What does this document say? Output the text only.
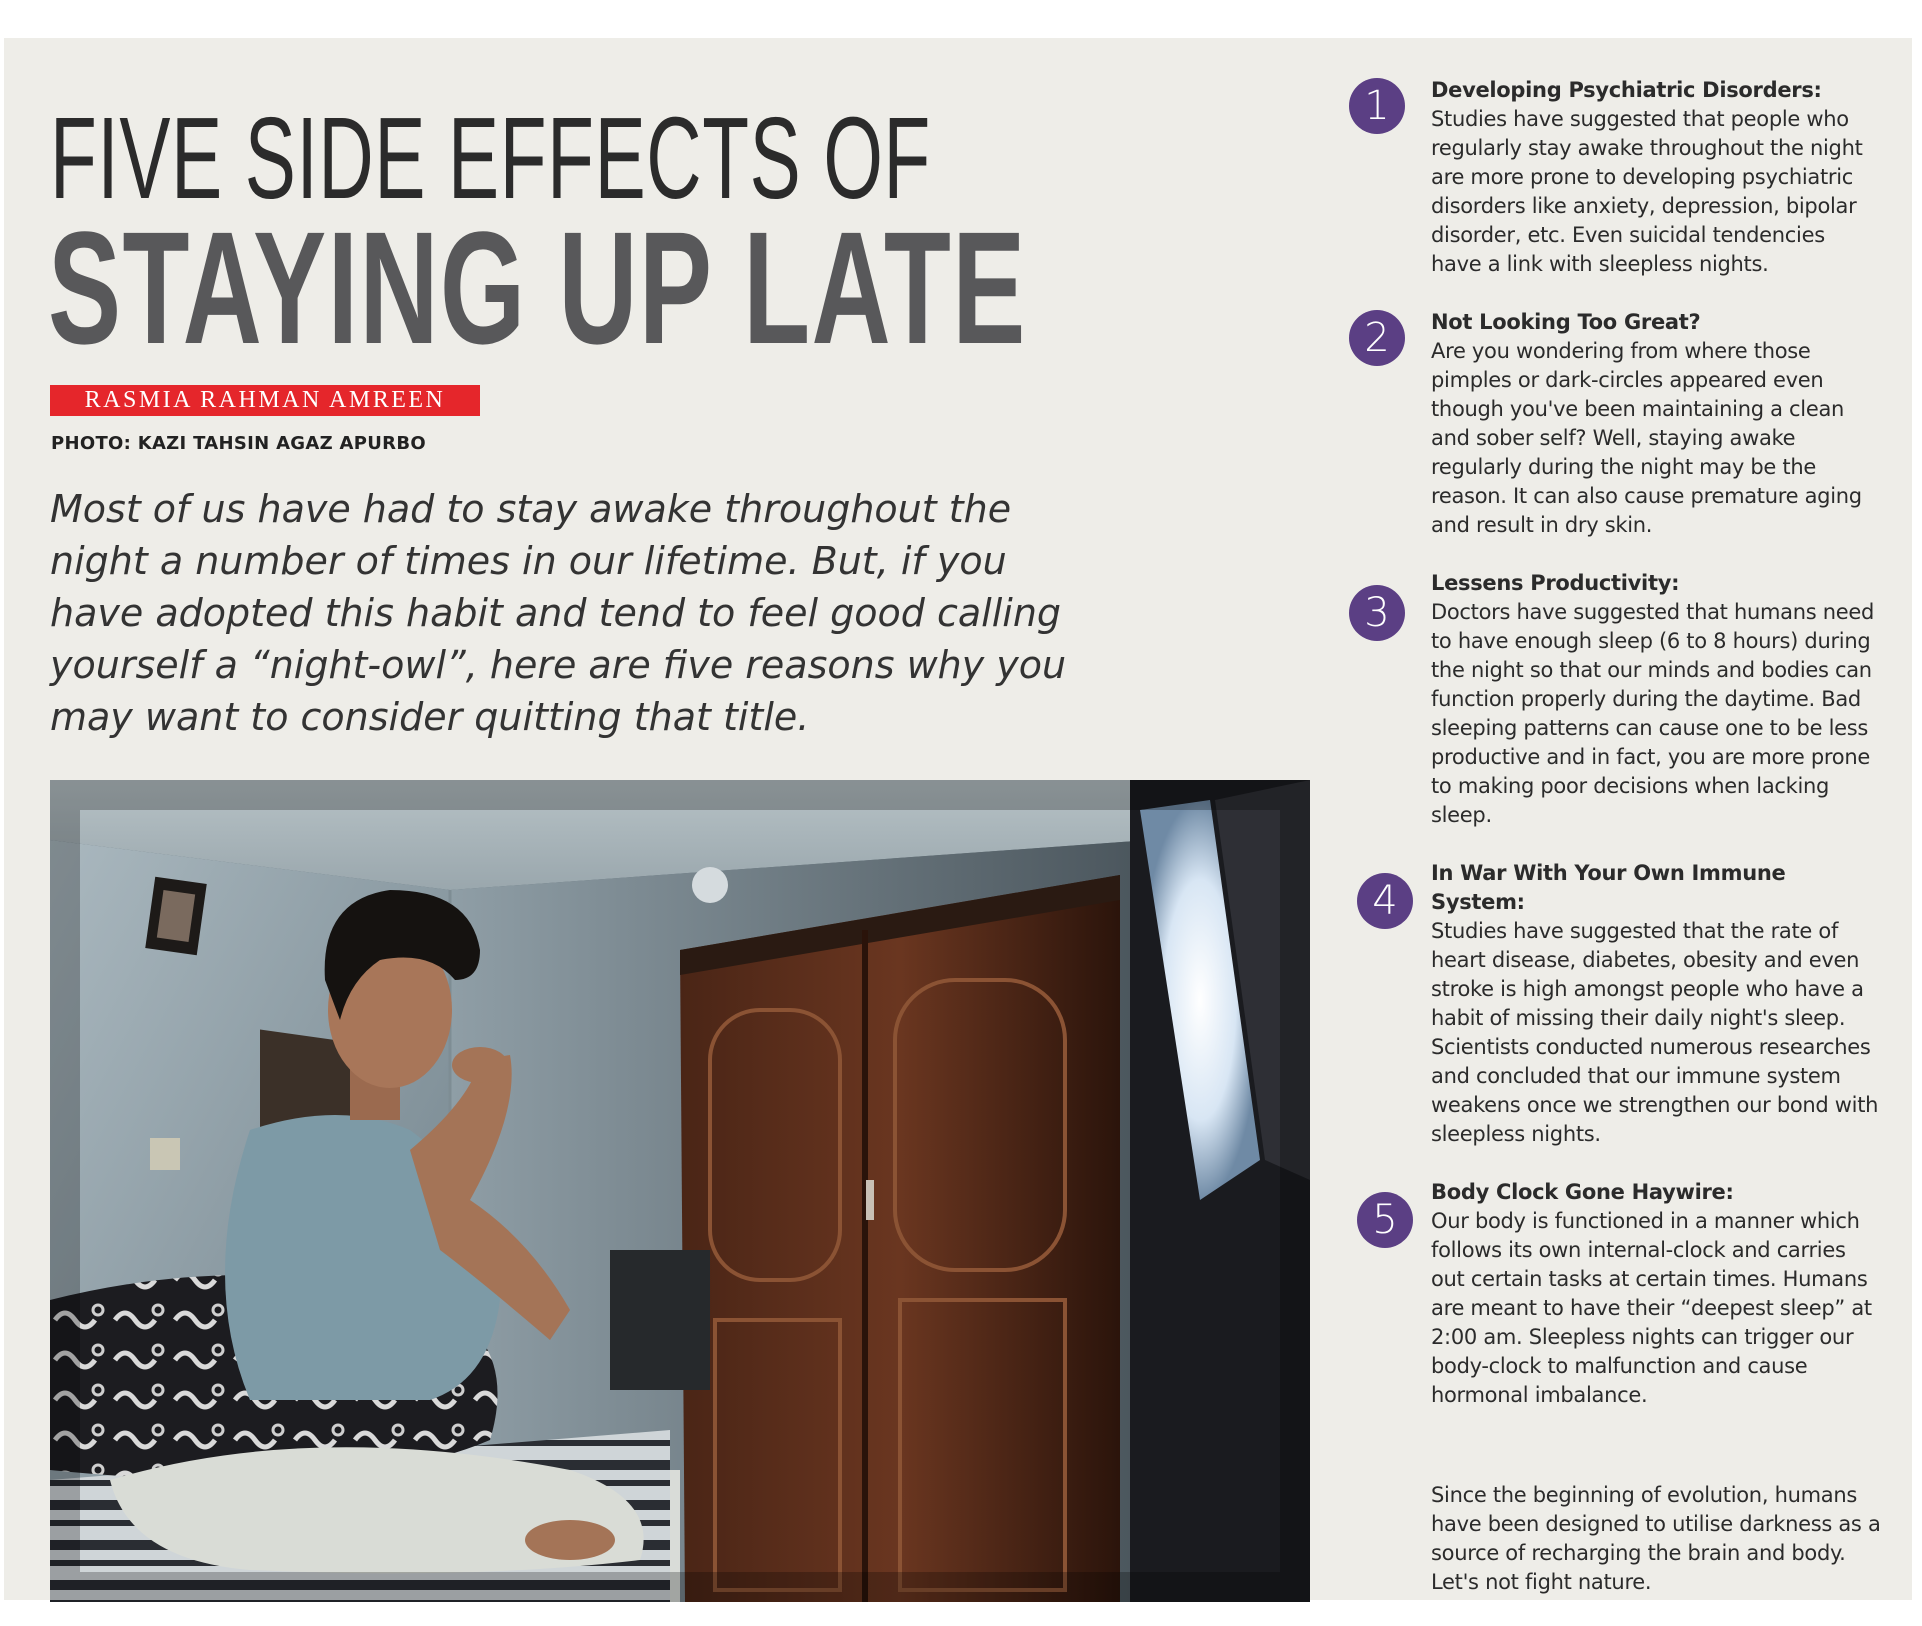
FIVE SIDE EFFECTS OF
STAYING UP LATE
RASMIA RAHMAN AMREEN
PHOTO: KAZI TAHSIN AGAZ APURBO

Most of us have had to stay awake throughout the night a number of times in our lifetime. But, if you have adopted this habit and tend to feel good calling yourself a “night-owl”, here are five reasons why you may want to consider quitting that title.

1	Developing Psychiatric Disorders:
Studies have suggested that people who regularly stay awake throughout the night are more prone to developing psychiatric disorders like anxiety, depression, bipolar disorder, etc. Even suicidal tendencies have a link with sleepless nights.
2	Not Looking Too Great?
Are you wondering from where those pimples or dark-circles appeared even though you've been maintaining a clean and sober self? Well, staying awake regularly during the night may be the reason. It can also cause premature aging and result in dry skin.
3
Lessens Productivity:
Doctors have suggested that humans need to have enough sleep (6 to 8 hours) during the night so that our minds and bodies can function properly during the daytime. Bad sleeping patterns can cause one to be less productive and in fact, you are more prone to making poor decisions when lacking sleep.
4
In War With Your Own Immune System:
Studies have suggested that the rate of heart disease, diabetes, obesity and even stroke is high amongst people who have a habit of missing their daily night's sleep. Scientists conducted numerous researches and concluded that our immune system weakens once we strengthen our bond with sleepless nights.
5
Body Clock Gone Haywire:
Our body is functioned in a manner which follows its own internal-clock and carries out certain tasks at certain times. Humans are meant to have their “deepest sleep” at 2:00 am. Sleepless nights can trigger our body-clock to malfunction and cause hormonal imbalance.

Since the beginning of evolution, humans have been designed to utilise darkness as a source of recharging the brain and body. Let's not fight nature.
